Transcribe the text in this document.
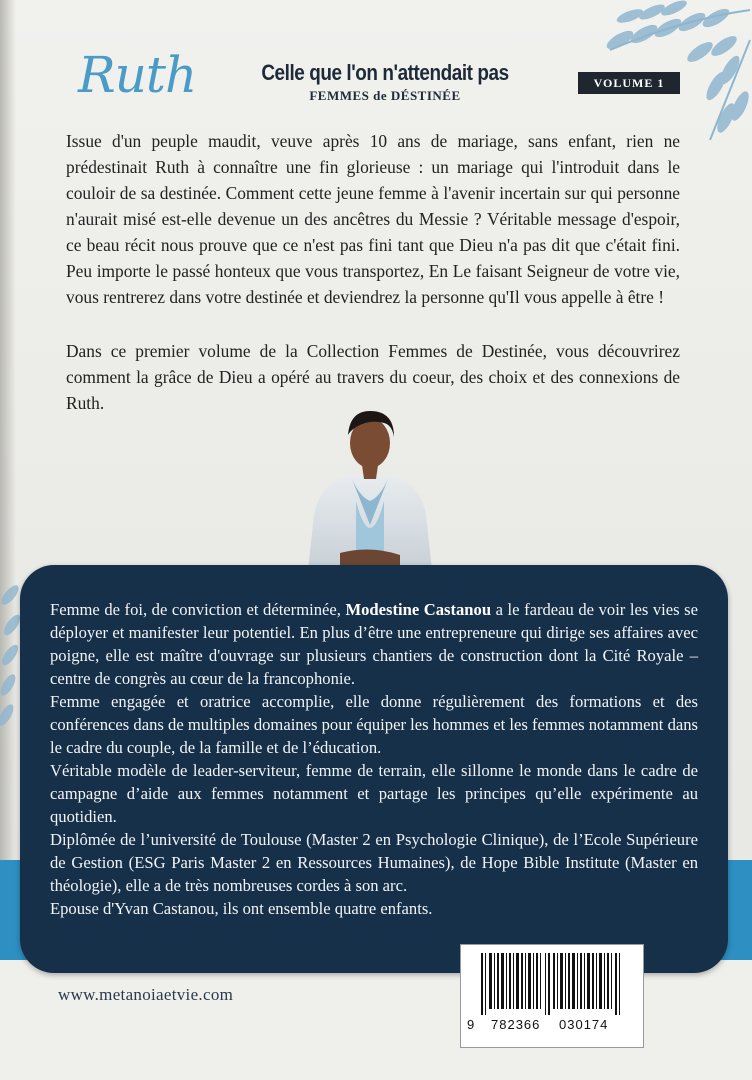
Ruth	Celle que l'on n'attendait pas
FEMMES de DÉSTINÉE
VOLUME 1
Issue d'un peuple maudit, veuve après 10 ans de mariage, sans enfant, rien ne prédestinait Ruth à connaître une fin glorieuse : un mariage qui l'introduit dans le couloir de sa destinée. Comment cette jeune femme à l'avenir incertain sur qui personne n'aurait misé est-elle devenue un des ancêtres du Messie ? Véritable message d'espoir, ce beau récit nous prouve que ce n'est pas fini tant que Dieu n'a pas dit que c'était fini. Peu importe le passé honteux que vous transportez, En Le faisant Seigneur de votre vie, vous rentrerez dans votre destinée et deviendrez la personne qu'Il vous appelle à être !
Dans ce premier volume de la Collection Femmes de Destinée, vous découvrirez comment la grâce de Dieu a opéré au travers du coeur, des choix et des connexions de Ruth.

Femme de foi, de conviction et déterminée, Modestine Castanou a le fardeau de voir les vies se déployer et manifester leur potentiel. En plus d’être une entrepreneure qui dirige ses affaires avec poigne, elle est maître d'ouvrage sur plusieurs chantiers de construction dont la Cité Royale – centre de congrès au cœur de la francophonie.

Femme engagée et oratrice accomplie, elle donne régulièrement des formations et des conférences dans de multiples domaines pour équiper les hommes et les femmes notamment dans le cadre du couple, de la famille et de l’éducation.

Véritable modèle de leader-serviteur, femme de terrain, elle sillonne le monde dans le cadre de campagne d’aide aux femmes notamment et partage les principes qu’elle expérimente au quotidien.

Diplômée de l’université de Toulouse (Master 2 en Psychologie Clinique), de l’Ecole Supérieure de Gestion (ESG Paris Master 2 en Ressources Humaines), de Hope Bible Institute (Master en théologie), elle a de très nombreuses cordes à son arc.

Epouse d'Yvan Castanou, ils ont ensemble quatre enfants.

www.metanoiaetvie.com
9 782366 030174
